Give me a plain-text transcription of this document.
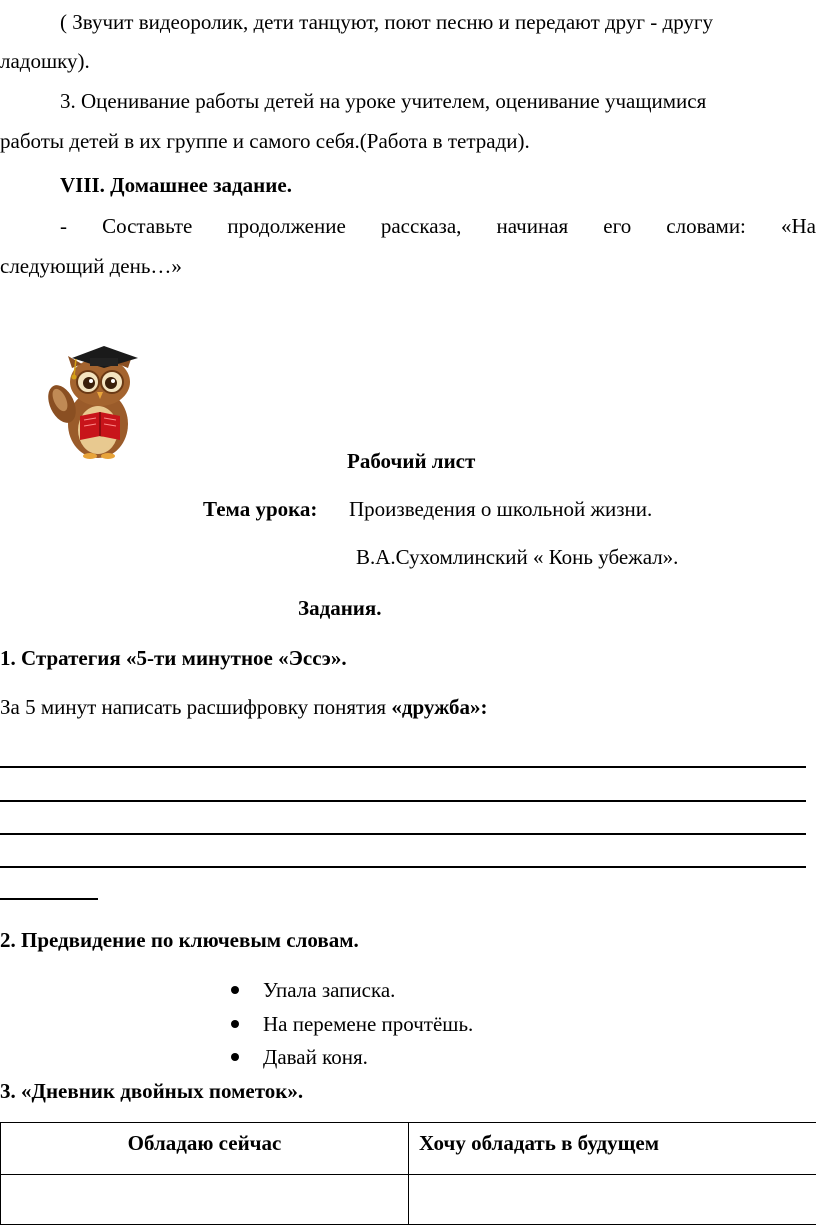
( Звучит видеоролик, дети танцуют, поют песню и передают друг - другу
ладошку).
3. Оценивание работы детей на уроке учителем, оценивание учащимися
работы детей в их группе и самого себя.(Работа в тетради).
VIII. Домашнее задание.
- Составьте продолжение рассказа, начиная его словами: «На
следующий день…»
Рабочий лист
Тема урока: Произведения о школьной жизни.
В.А.Сухомлинский « Конь убежал».
Задания.
1. Стратегия «5-ти минутное «Эссэ».
За 5 минут написать расшифровку понятия «дружба»:
2. Предвидение по ключевым словам.
Упала записка.
На перемене прочтёшь.
Давай коня.
3. «Дневник двойных пометок».
Обладаю сейчас	Хочу обладать в будущем
